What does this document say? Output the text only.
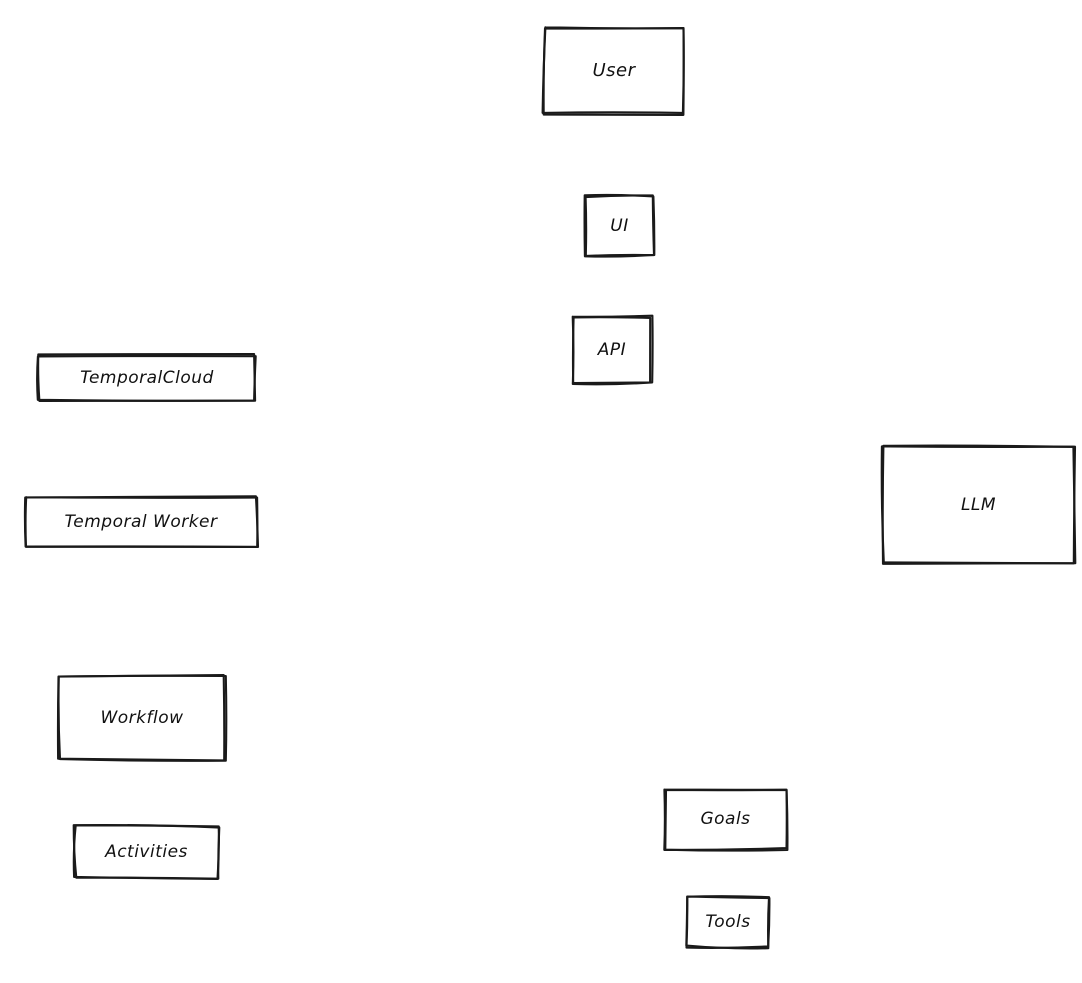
User
UI
API
TemporalCloud
Temporal Worker
LLM
Workflow
Activities
Goals
Tools
